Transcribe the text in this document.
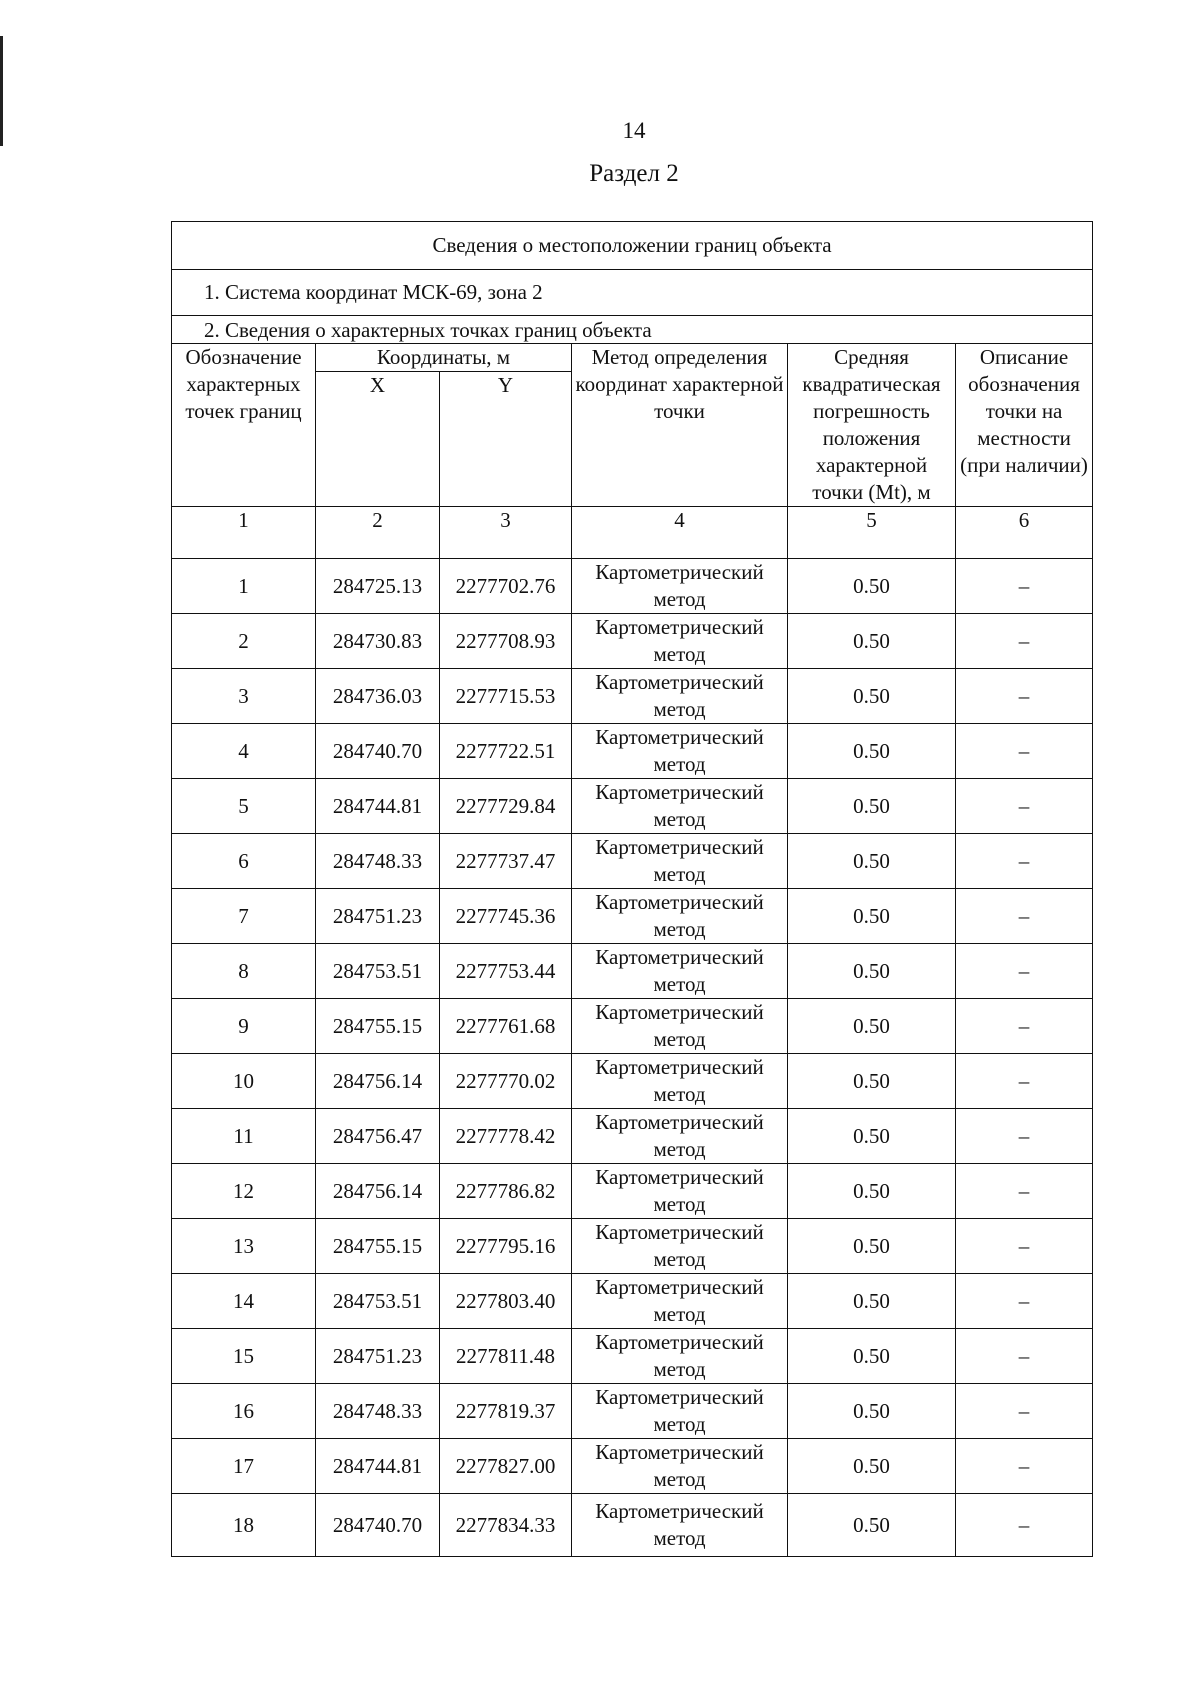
14
Раздел 2
Сведения о местоположении границ объекта					
1. Система координат МСК-69, зона 2					
2. Сведения о характерных точках границ объекта					
Обозначение характерных точек границ	Координаты, м		Метод определения координат характерной точки	Средняя квадратическая погрешность положения характерной точки (Mt), м	Описание обозначения точки на местности (при наличии)
	X	Y			
1	2	3	4	5	6
1	284725.13	2277702.76	Картометрический метод	0.50	–
2	284730.83	2277708.93	Картометрический метод	0.50	–
3	284736.03	2277715.53	Картометрический метод	0.50	–
4	284740.70	2277722.51	Картометрический метод	0.50	–
5	284744.81	2277729.84	Картометрический метод	0.50	–
6	284748.33	2277737.47	Картометрический метод	0.50	–
7	284751.23	2277745.36	Картометрический метод	0.50	–
8	284753.51	2277753.44	Картометрический метод	0.50	–
9	284755.15	2277761.68	Картометрический метод	0.50	–
10	284756.14	2277770.02	Картометрический метод	0.50	–
11	284756.47	2277778.42	Картометрический метод	0.50	–
12	284756.14	2277786.82	Картометрический метод	0.50	–
13	284755.15	2277795.16	Картометрический метод	0.50	–
14	284753.51	2277803.40	Картометрический метод	0.50	–
15	284751.23	2277811.48	Картометрический метод	0.50	–
16	284748.33	2277819.37	Картометрический метод	0.50	–
17	284744.81	2277827.00	Картометрический метод	0.50	–
18	284740.70	2277834.33	Картометрический метод	0.50	–
